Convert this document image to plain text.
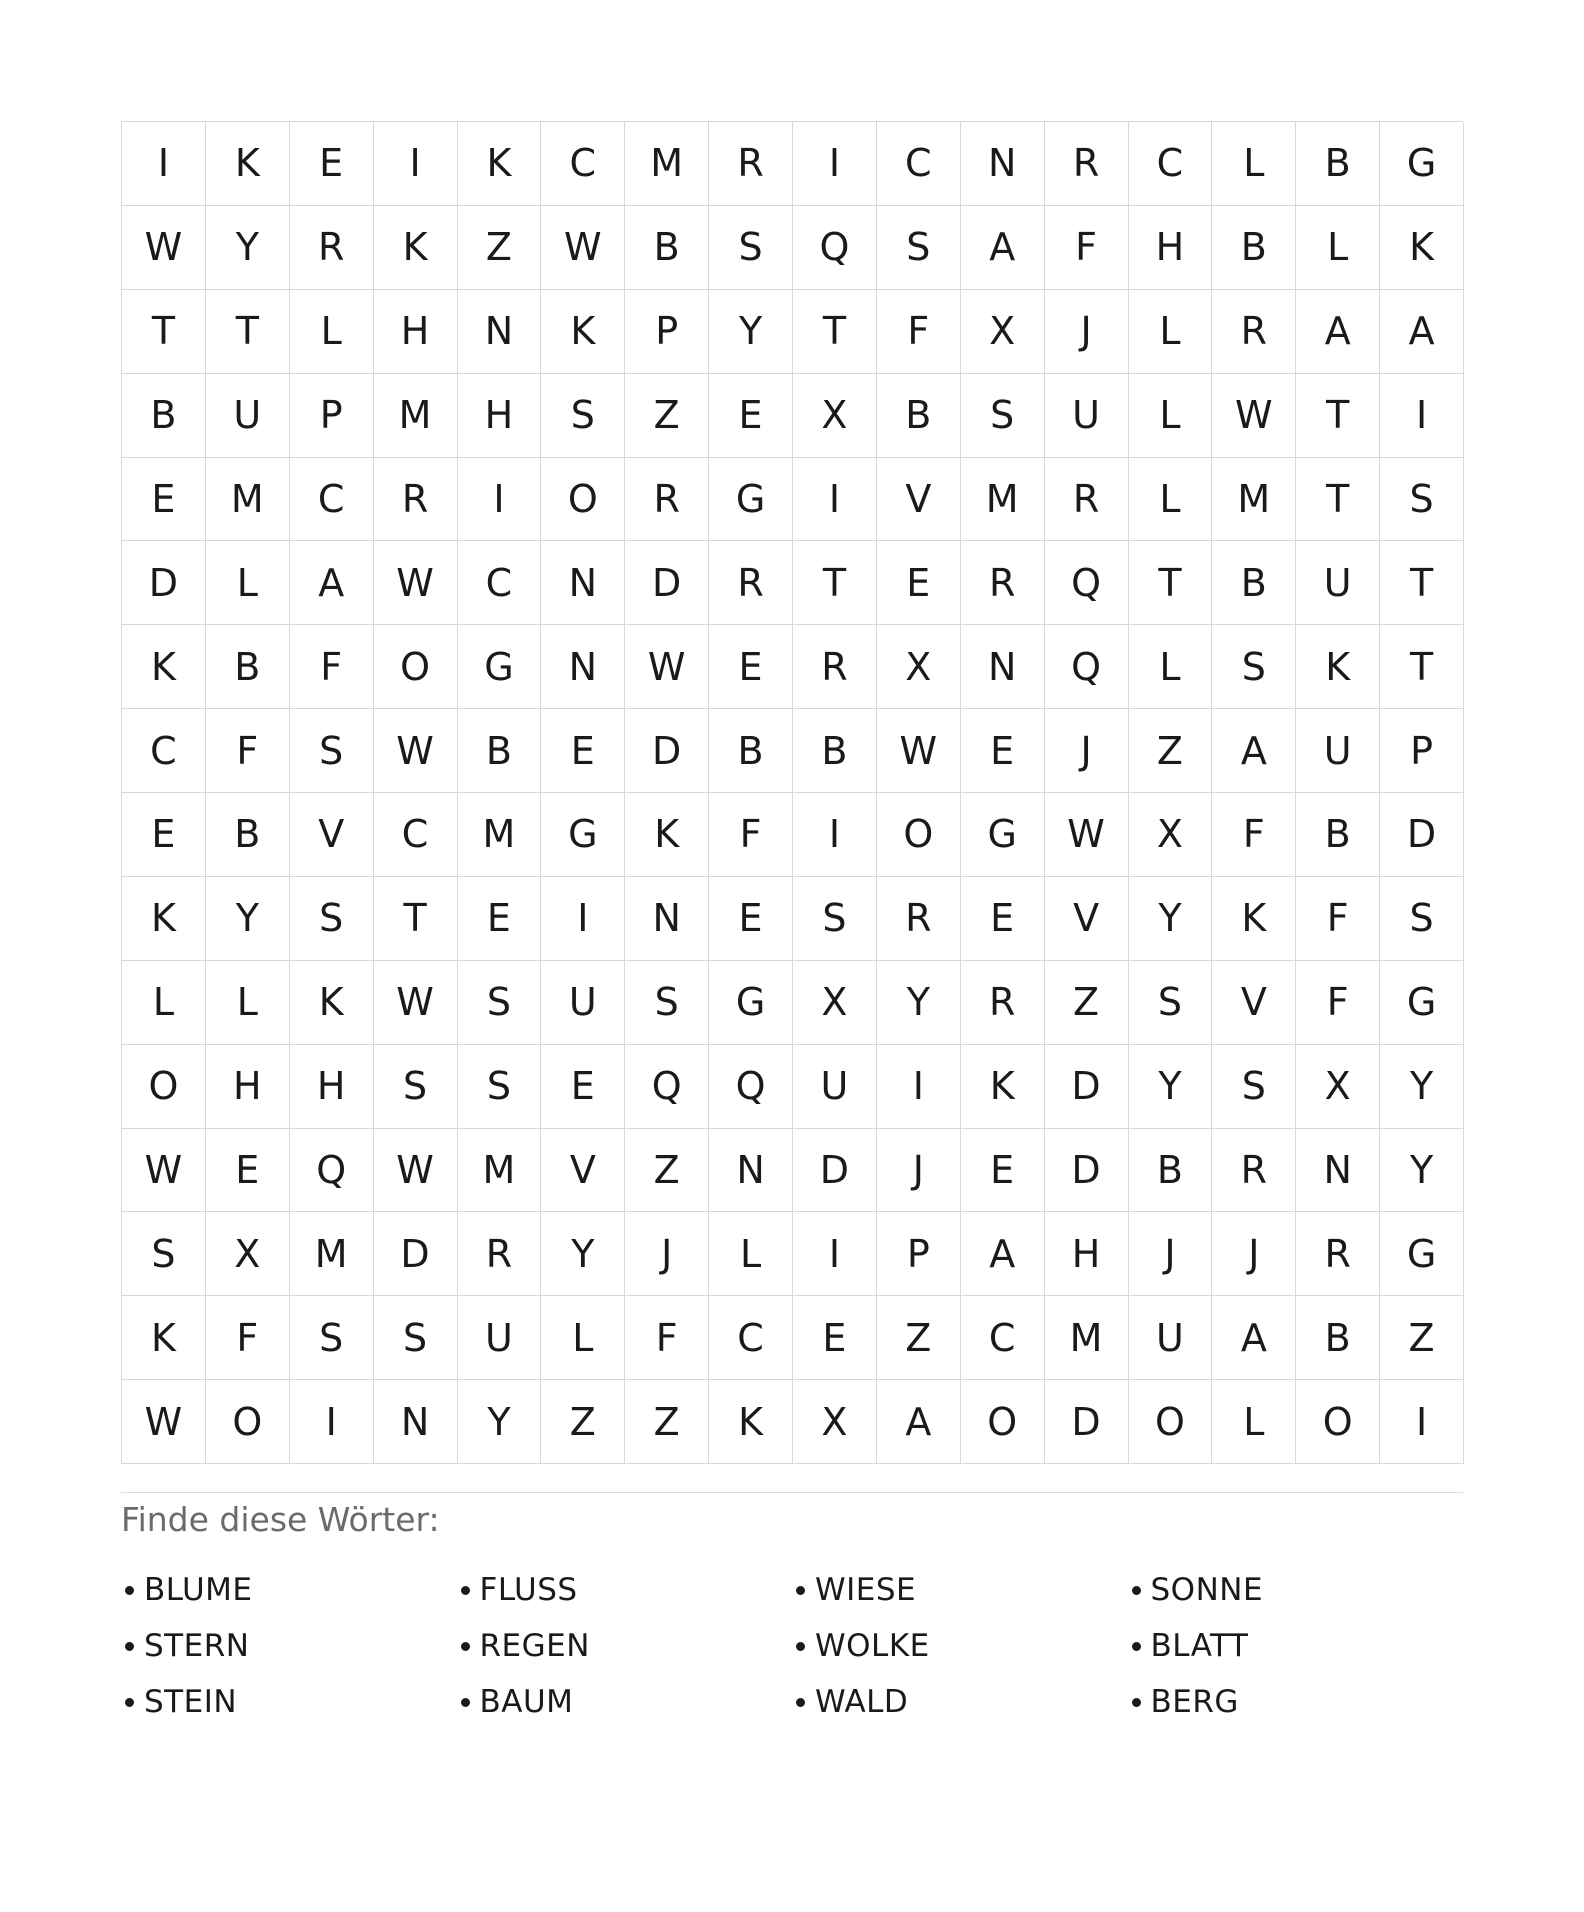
I	K	E	I	K	C	M	R	I	C	N	R	C	L	B	G
W	Y	R	K	Z	W	B	S	Q	S	A	F	H	B	L	K
T	T	L	H	N	K	P	Y	T	F	X	J	L	R	A	A
B	U	P	M	H	S	Z	E	X	B	S	U	L	W	T	I
E	M	C	R	I	O	R	G	I	V	M	R	L	M	T	S
D	L	A	W	C	N	D	R	T	E	R	Q	T	B	U	T
K	B	F	O	G	N	W	E	R	X	N	Q	L	S	K	T
C	F	S	W	B	E	D	B	B	W	E	J	Z	A	U	P
E	B	V	C	M	G	K	F	I	O	G	W	X	F	B	D
K	Y	S	T	E	I	N	E	S	R	E	V	Y	K	F	S
L	L	K	W	S	U	S	G	X	Y	R	Z	S	V	F	G
O	H	H	S	S	E	Q	Q	U	I	K	D	Y	S	X	Y
W	E	Q	W	M	V	Z	N	D	J	E	D	B	R	N	Y
S	X	M	D	R	Y	J	L	I	P	A	H	J	J	R	G
K	F	S	S	U	L	F	C	E	Z	C	M	U	A	B	Z
W	O	I	N	Y	Z	Z	K	X	A	O	D	O	L	O	I
Finde diese Wörter:
BLUME	FLUSS	WIESE	SONNE
STERN	REGEN	WOLKE	BLATT
STEIN	BAUM	WALD	BERG
